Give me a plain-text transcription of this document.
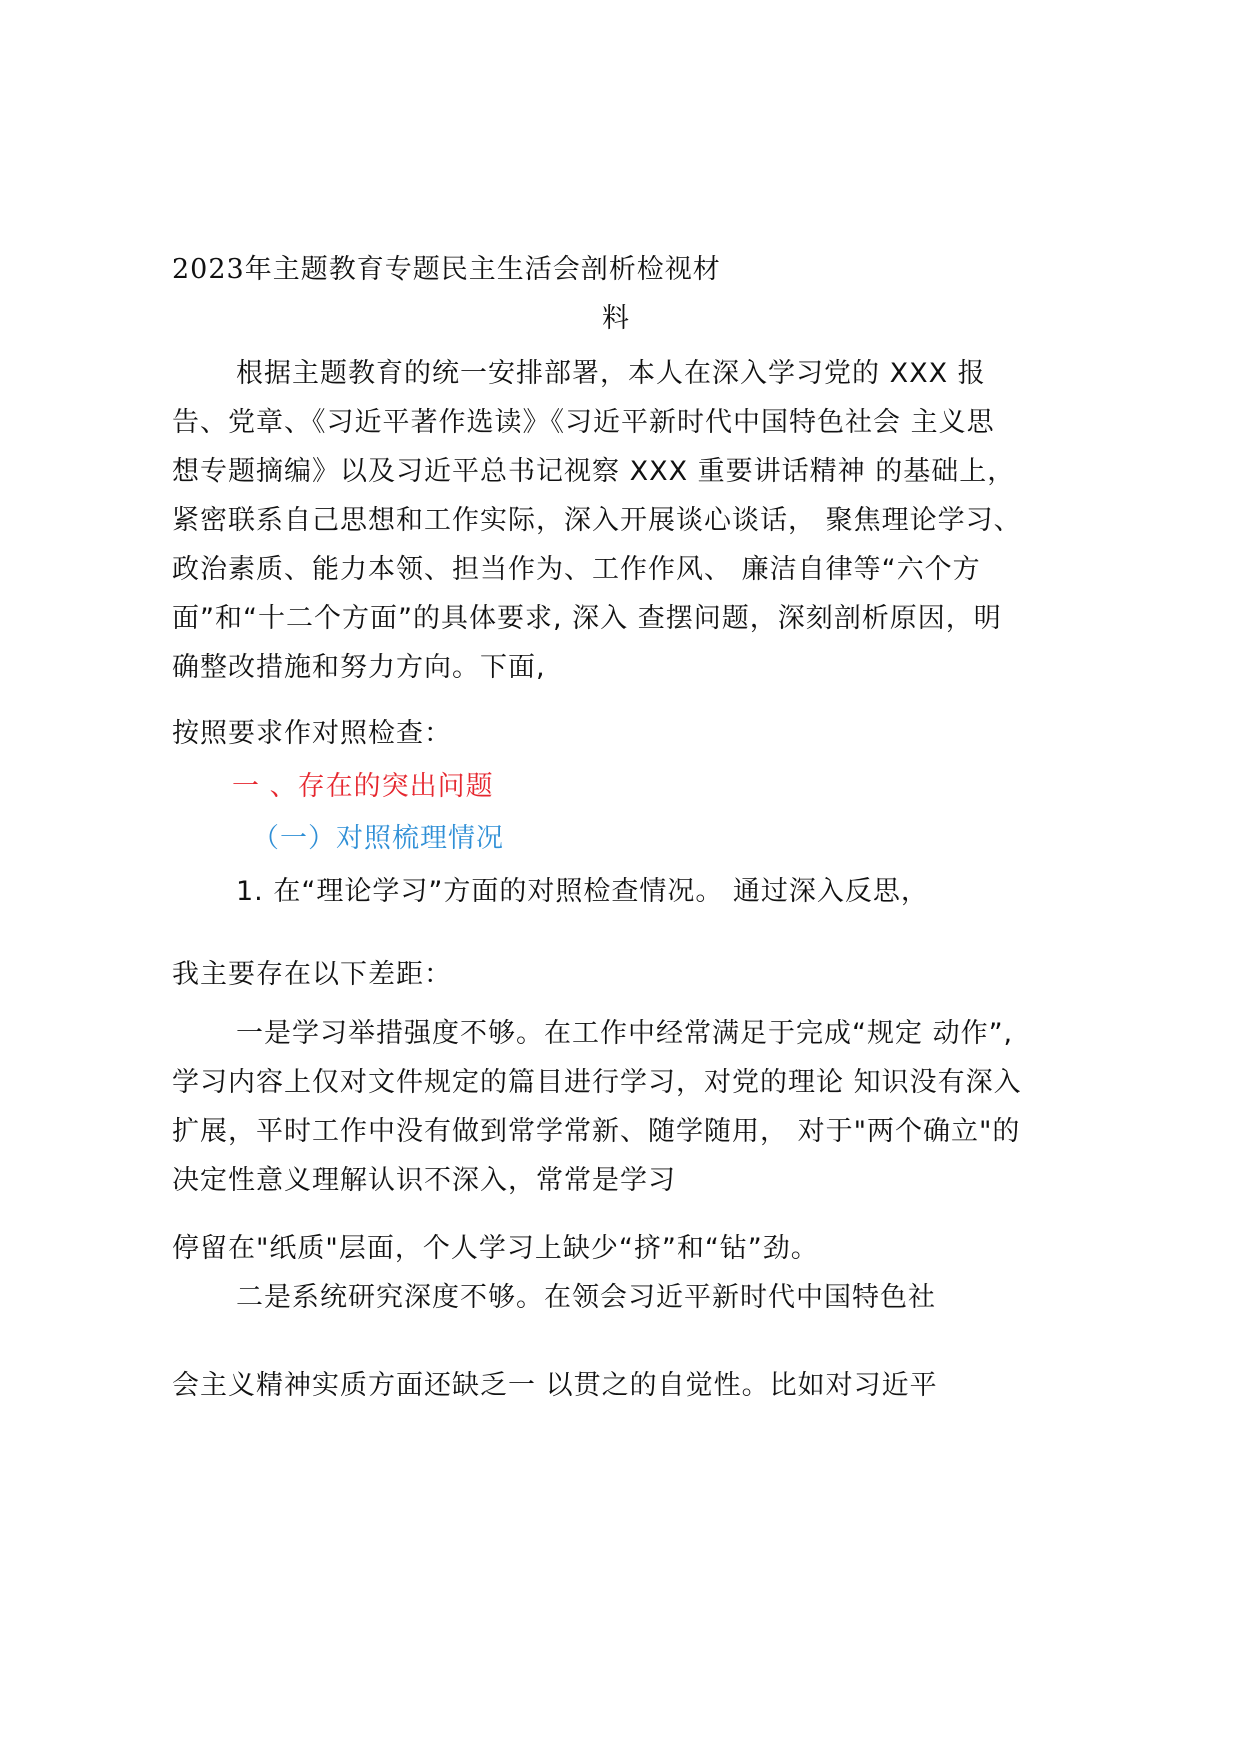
2023年主题教育专题民主生活会剖析检视材
料
根据主题教育的统一安排部署，本人在深入学习党的 XXX 报
告、党章、《习近平著作选读》《习近平新时代中国特色社会 主义思
想专题摘编》以及习近平总书记视察 XXX 重要讲话精神 的基础上，
紧密联系自己思想和工作实际，深入开展谈心谈话， 聚焦理论学习、
政治素质、能力本领、担当作为、工作作风、 廉洁自律等“六个方
面”和“十二个方面”的具体要求, 深入 查摆问题，深刻剖析原因，明
确整改措施和努力方向。下面,
按照要求作对照检查：
一 、存在的突出问题
（一）对照梳理情况
1. 在“理论学习”方面的对照检查情况。 通过深入反思，
我主要存在以下差距：
一是学习举措强度不够。在工作中经常满足于完成“规定 动作”,
学习内容上仅对文件规定的篇目进行学习，对党的理论 知识没有深入
扩展，平时工作中没有做到常学常新、随学随用， 对于"两个确立"的
决定性意义理解认识不深入，常常是学习
停留在"纸质"层面，个人学习上缺少“挤”和“钻”劲。
二是系统研究深度不够。在领会习近平新时代中国特色社
会主义精神实质方面还缺乏一 以贯之的自觉性。比如对习近平
